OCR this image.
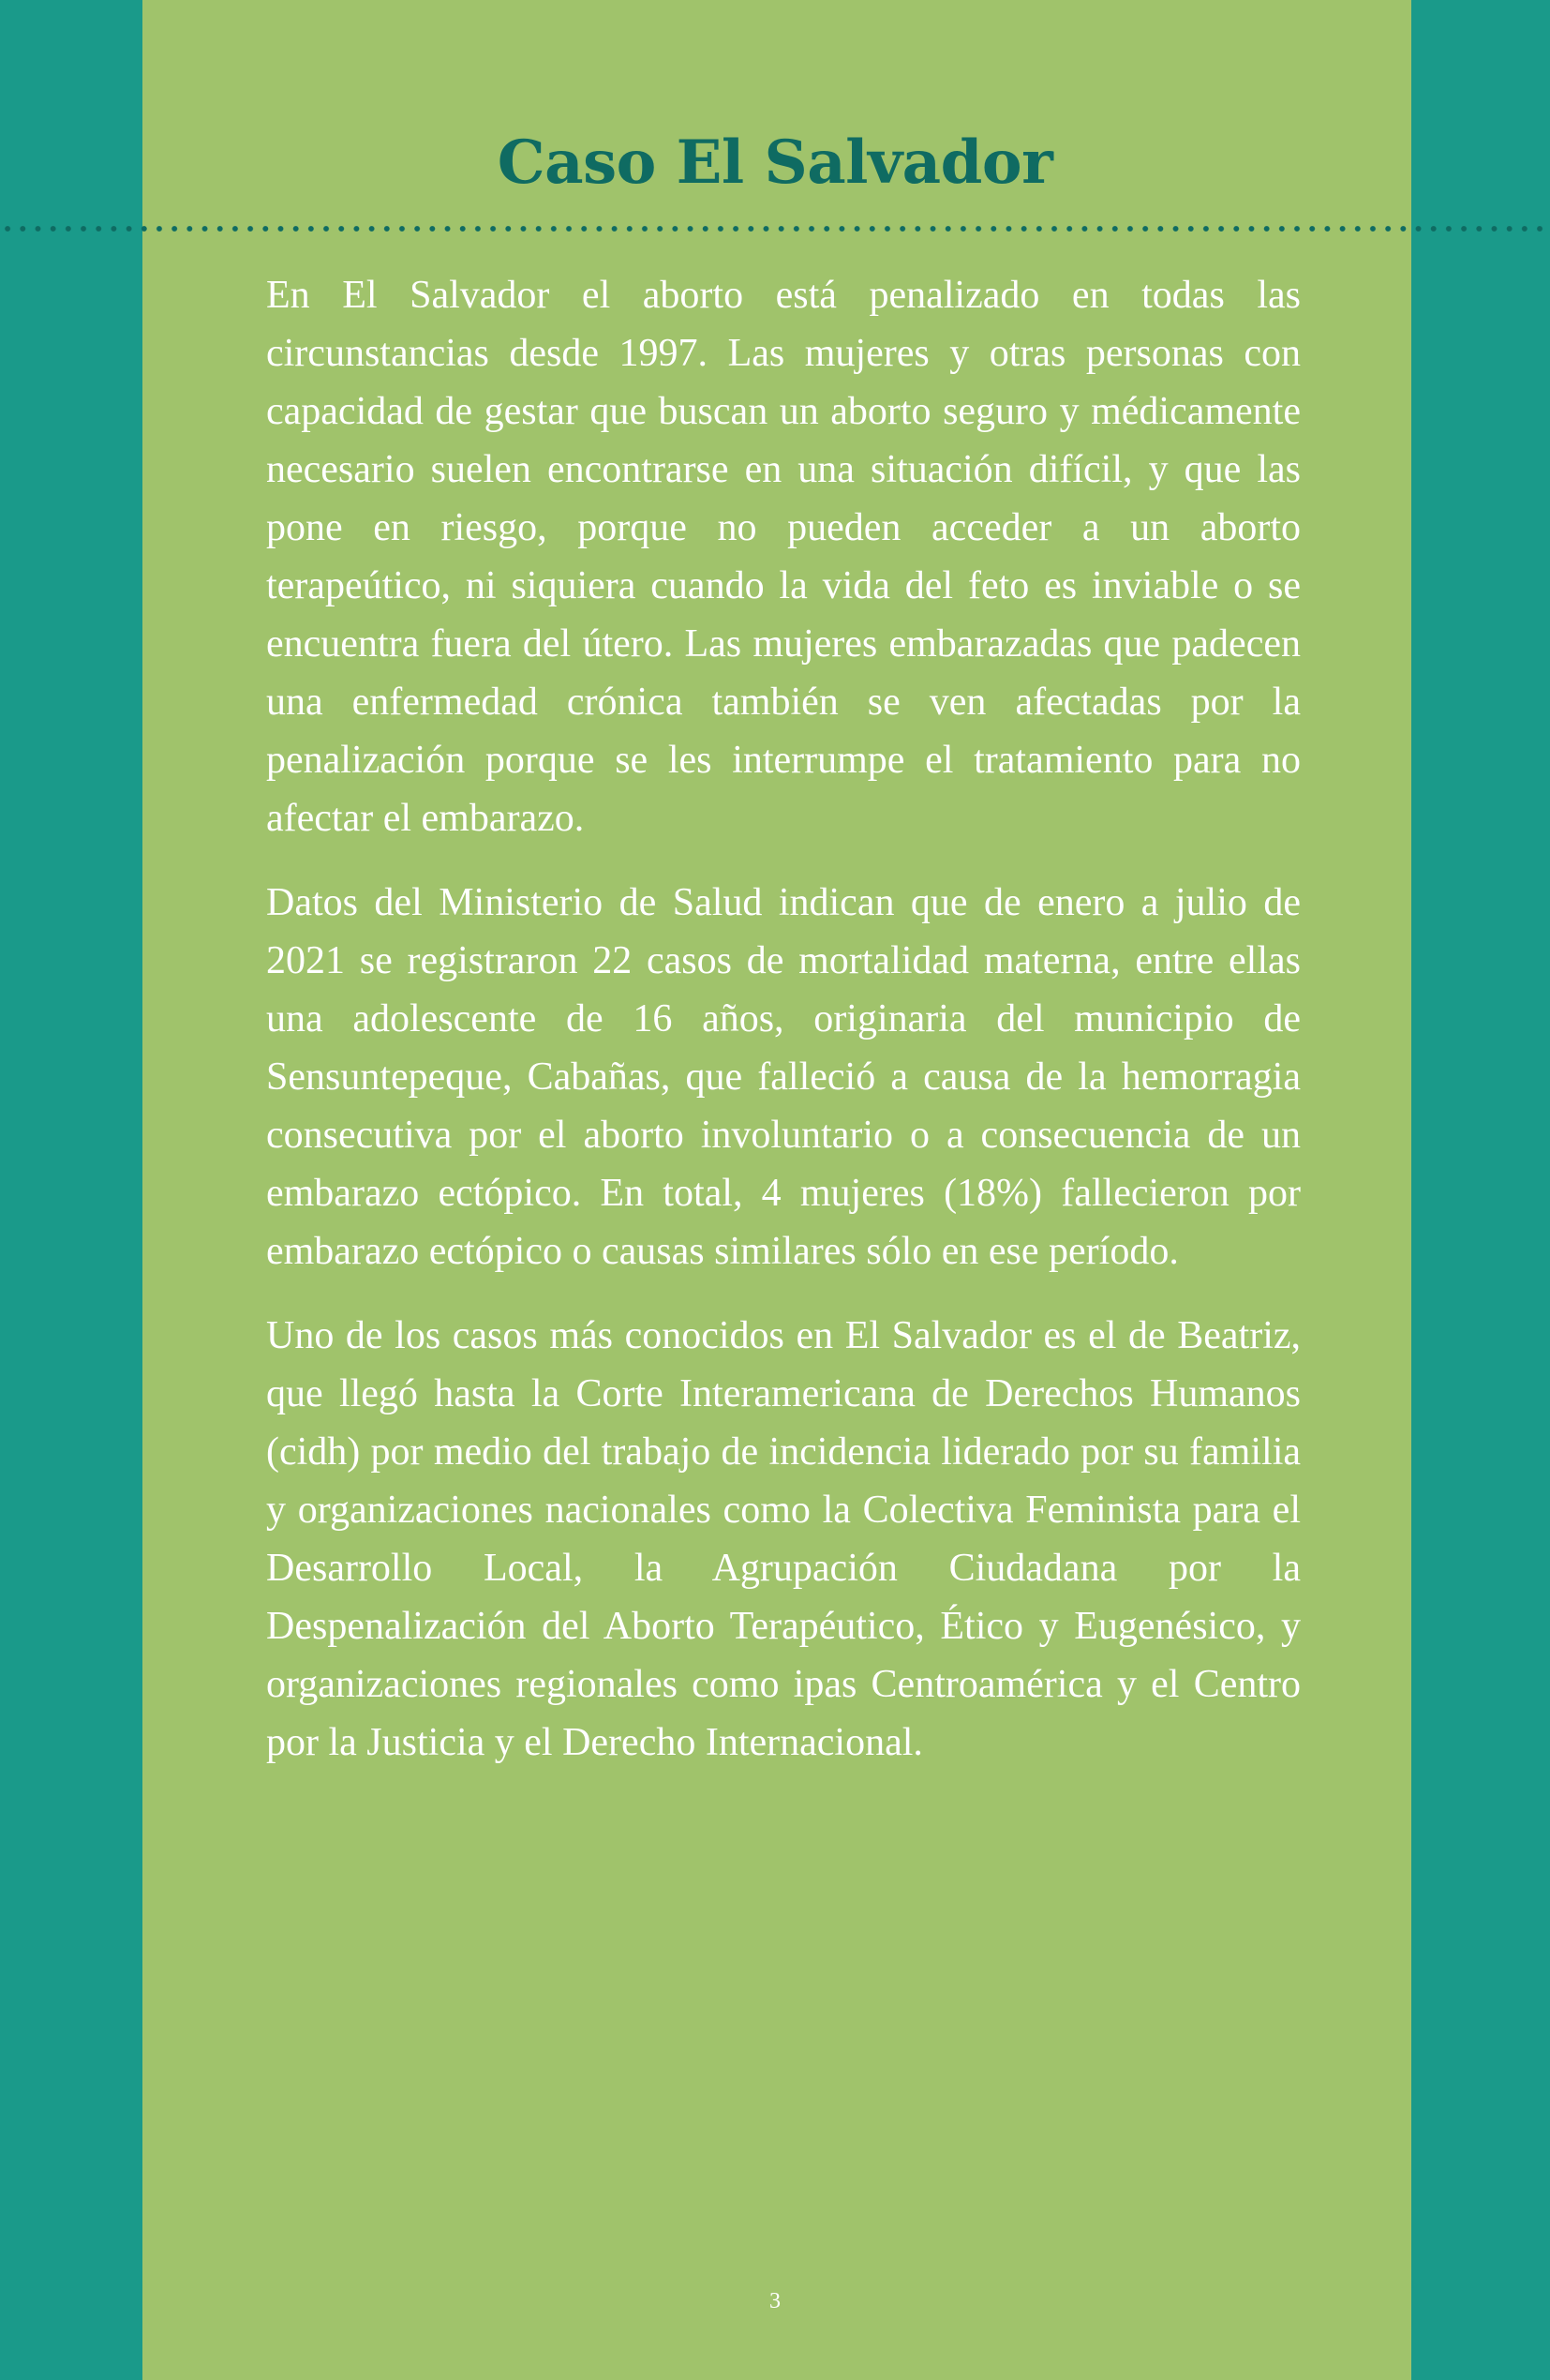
Caso El Salvador

En El Salvador el aborto está penalizado en todas las circunstancias desde 1997. Las mujeres y otras personas con capacidad de gestar que buscan un aborto seguro y médicamente necesario suelen encontrarse en una situación difícil, y que las pone en riesgo, porque no pueden acceder a un aborto terapeútico, ni siquiera cuando la vida del feto es inviable o se encuentra fuera del útero. Las mujeres embarazadas que padecen una enfermedad crónica también se ven afectadas por la penalización porque se les interrumpe el tratamiento para no afectar el embarazo.

Datos del Ministerio de Salud indican que de enero a julio de 2021 se registraron 22 casos de mortalidad materna, entre ellas una adolescente de 16 años, originaria del municipio de Sensuntepeque, Cabañas, que falleció a causa de la hemorragia consecutiva por el aborto involuntario o a consecuencia de un embarazo ectópico. En total, 4 mujeres (18%) fallecieron por embarazo ectópico o causas similares sólo en ese período.

Uno de los casos más conocidos en El Salvador es el de Beatriz, que llegó hasta la Corte Interamericana de Derechos Humanos (cidh) por medio del trabajo de incidencia liderado por su familia y organizaciones nacionales como la Colectiva Feminista para el Desarrollo Local, la Agrupación Ciudadana por la Despenalización del Aborto Terapéutico, Ético y Eugenésico, y organizaciones regionales como ipas Centroamérica y el Centro por la Justicia y el Derecho Internacional.

3
